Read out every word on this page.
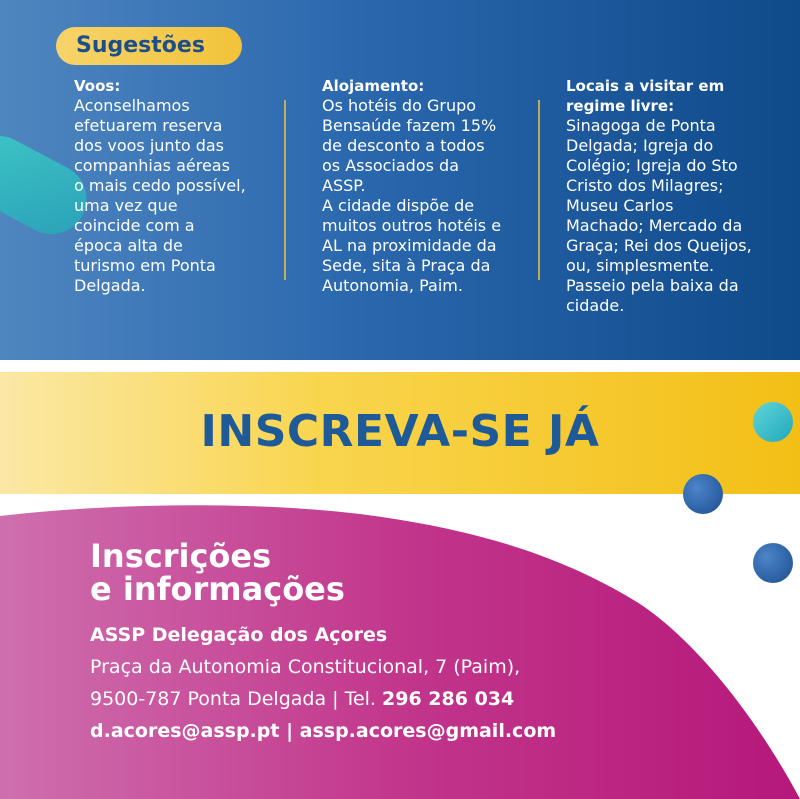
Sugestões
Voos:
Aconselhamos
efetuarem reserva
dos voos junto das
companhias aéreas
o mais cedo possível,
uma vez que
coincide com a
época alta de
turismo em Ponta
Delgada.
Alojamento:
Os hotéis do Grupo
Bensaúde fazem 15%
de desconto a todos
os Associados da
ASSP.
A cidade dispõe de
muitos outros hotéis e
AL na proximidade da
Sede, sita à Praça da
Autonomia, Paim.
Locais a visitar em
regime livre:
Sinagoga de Ponta
Delgada; Igreja do
Colégio; Igreja do Sto
Cristo dos Milagres;
Museu Carlos
Machado; Mercado da
Graça; Rei dos Queijos,
ou, simplesmente.
Passeio pela baixa da
cidade.
INSCREVA-SE JÁ
Inscrições
e informações
ASSP Delegação dos Açores
Praça da Autonomia Constitucional, 7 (Paim),
9500-787 Ponta Delgada | Tel. 296 286 034
d.acores@assp.pt | assp.acores@gmail.com
